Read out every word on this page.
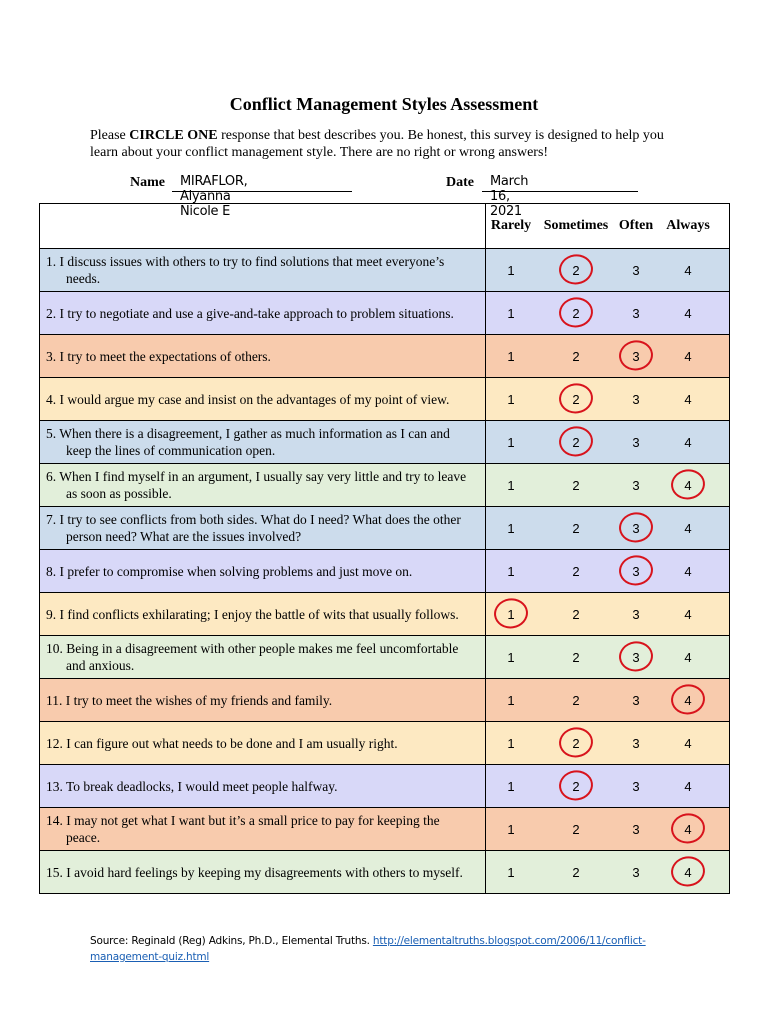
Conflict Management Styles Assessment
Please CIRCLE ONE response that best describes you. Be honest, this survey is designed to help you learn about your conflict management style. There are no right or wrong answers!
Name MIRAFLOR, Alyanna Nicole E
Date March 16, 2021

	Rarely Sometimes Often Always

1. I discuss issues with others to try to find solutions that meet everyone’s needs.	1 2 3 4

2. I try to negotiate and use a give-and-take approach to problem situations.	1 2 3 4

3. I try to meet the expectations of others.	1 2 3 4

4. I would argue my case and insist on the advantages of my point of view.	1 2 3 4

5. When there is a disagreement, I gather as much information as I can and keep the lines of communication open.	1 2 3 4

6. When I find myself in an argument, I usually say very little and try to leave as soon as possible.	1 2 3 4

7. I try to see conflicts from both sides. What do I need? What does the other person need? What are the issues involved?	1 2 3 4

8. I prefer to compromise when solving problems and just move on.	1 2 3 4

9. I find conflicts exhilarating; I enjoy the battle of wits that usually follows.	1 2 3 4

10. Being in a disagreement with other people makes me feel uncomfortable and anxious.	1 2 3 4

11. I try to meet the wishes of my friends and family.	1 2 3 4

12. I can figure out what needs to be done and I am usually right.	1 2 3 4

13. To break deadlocks, I would meet people halfway.	1 2 3 4

14. I may not get what I want but it’s a small price to pay for keeping the peace.	1 2 3 4

15. I avoid hard feelings by keeping my disagreements with others to myself.	1 2 3 4
Source: Reginald (Reg) Adkins, Ph.D., Elemental Truths. http://elementaltruths.blogspot.com/2006/11/conflict-management-quiz.html
